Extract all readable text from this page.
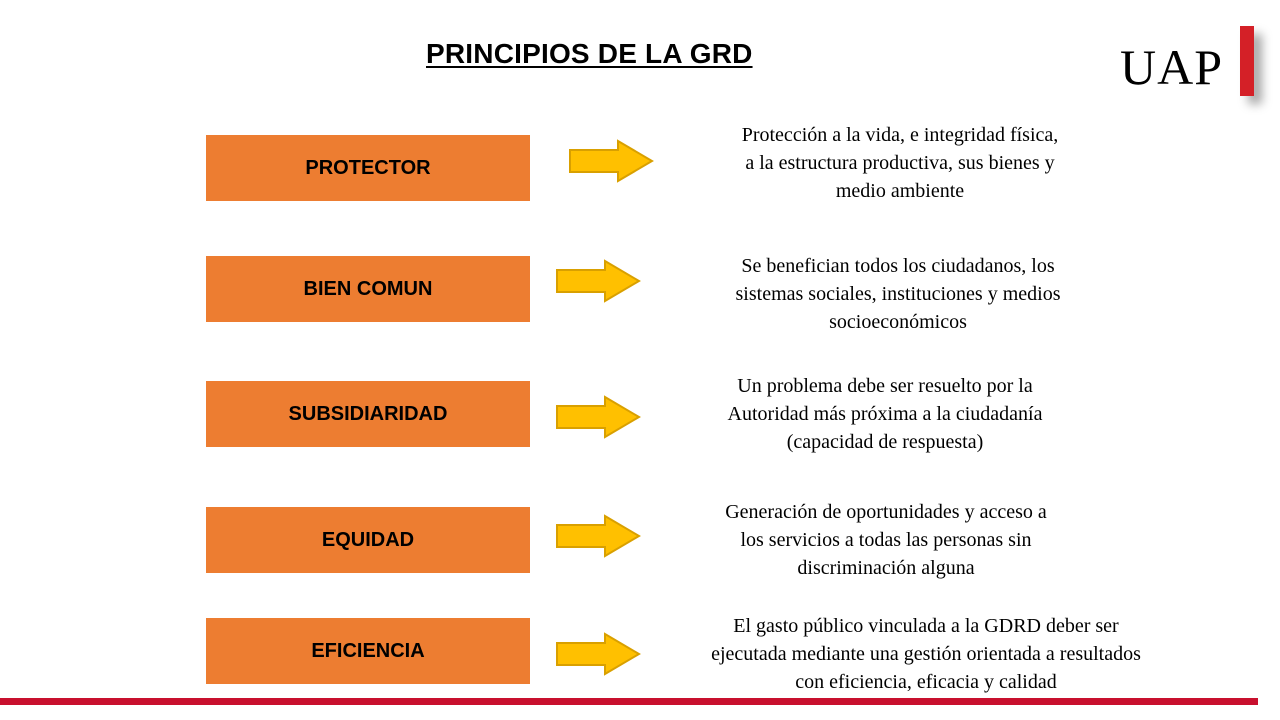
PRINCIPIOS DE LA GRD	UAP
PROTECTOR
Protección a la vida, e integridad física,
a la estructura productiva, sus bienes y
medio ambiente
BIEN COMUN
Se benefician todos los ciudadanos, los
sistemas sociales, instituciones y medios
socioeconómicos
SUBSIDIARIDAD
Un problema debe ser resuelto por la
Autoridad más próxima a la ciudadanía
(capacidad de respuesta)
EQUIDAD
Generación de oportunidades y acceso a
los servicios a todas las personas sin
discriminación alguna
EFICIENCIA
El gasto público vinculada a la GDRD deber ser
ejecutada mediante una gestión orientada a resultados
con eficiencia, eficacia y calidad
